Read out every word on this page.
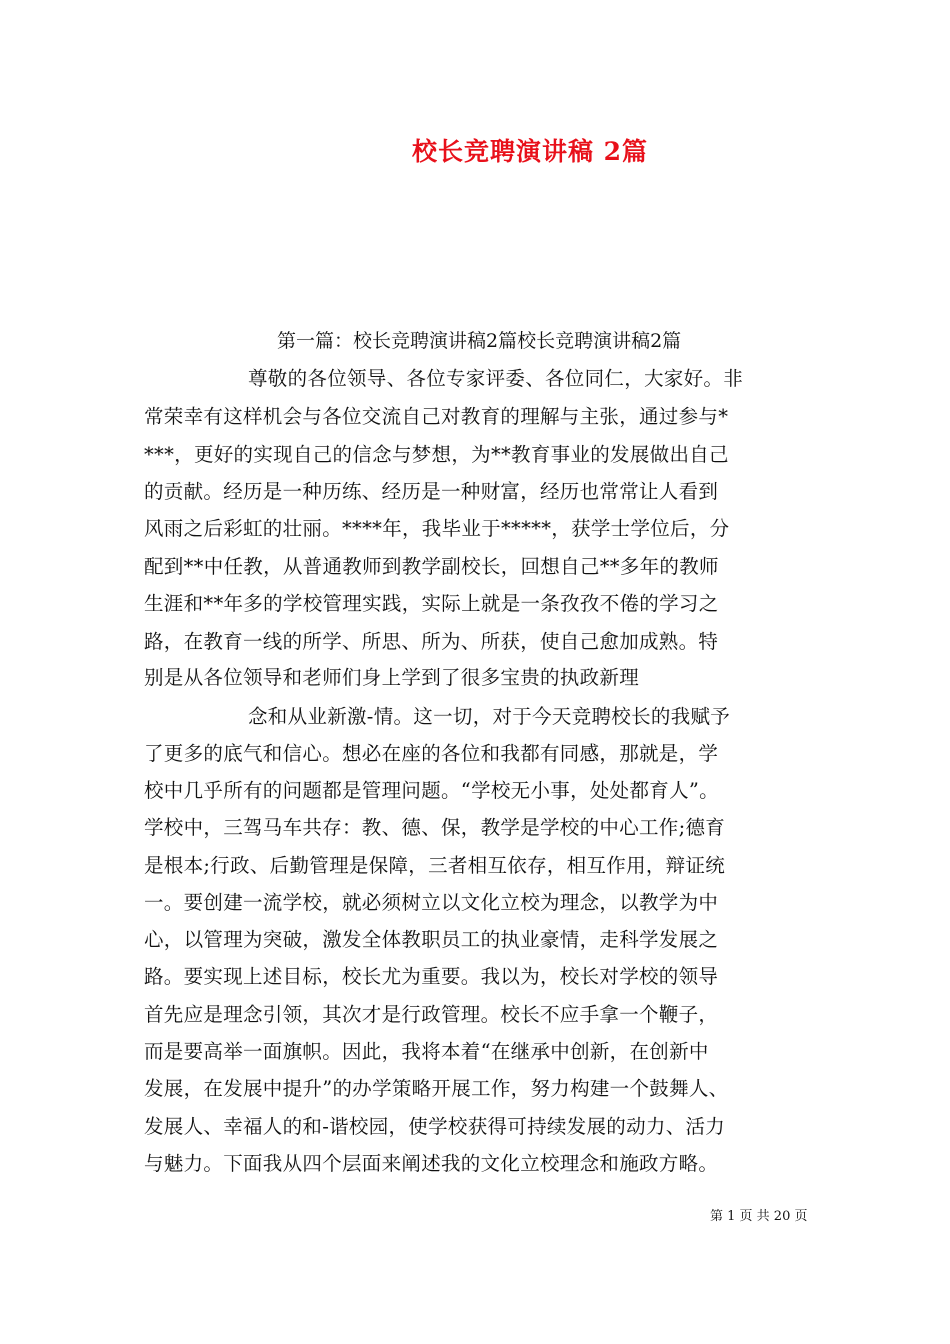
校长竞聘演讲稿 2篇
第一篇：校长竞聘演讲稿2篇校长竞聘演讲稿2篇
尊敬的各位领导、各位专家评委、各位同仁，大家好。非
常荣幸有这样机会与各位交流自己对教育的理解与主张，通过参与*
***，更好的实现自己的信念与梦想，为**教育事业的发展做出自己
的贡献。经历是一种历练、经历是一种财富，经历也常常让人看到
风雨之后彩虹的壮丽。****年，我毕业于*****，获学士学位后，分
配到**中任教，从普通教师到教学副校长，回想自己**多年的教师
生涯和**年多的学校管理实践，实际上就是一条孜孜不倦的学习之
路，在教育一线的所学、所思、所为、所获，使自己愈加成熟。特
别是从各位领导和老师们身上学到了很多宝贵的执政新理
念和从业新激-情。这一切，对于今天竞聘校长的我赋予
了更多的底气和信心。想必在座的各位和我都有同感，那就是，学
校中几乎所有的问题都是管理问题。“学校无小事，处处都育人”。
学校中，三驾马车共存：教、德、保，教学是学校的中心工作;德育
是根本;行政、后勤管理是保障，三者相互依存，相互作用，辩证统
一。要创建一流学校，就必须树立以文化立校为理念，以教学为中
心，以管理为突破，激发全体教职员工的执业豪情，走科学发展之
路。要实现上述目标，校长尤为重要。我以为，校长对学校的领导
首先应是理念引领，其次才是行政管理。校长不应手拿一个鞭子，
而是要高举一面旗帜。因此，我将本着“在继承中创新，在创新中
发展，在发展中提升”的办学策略开展工作，努力构建一个鼓舞人、
发展人、幸福人的和-谐校园，使学校获得可持续发展的动力、活力
与魅力。下面我从四个层面来阐述我的文化立校理念和施政方略。
第 1 页 共 20 页
